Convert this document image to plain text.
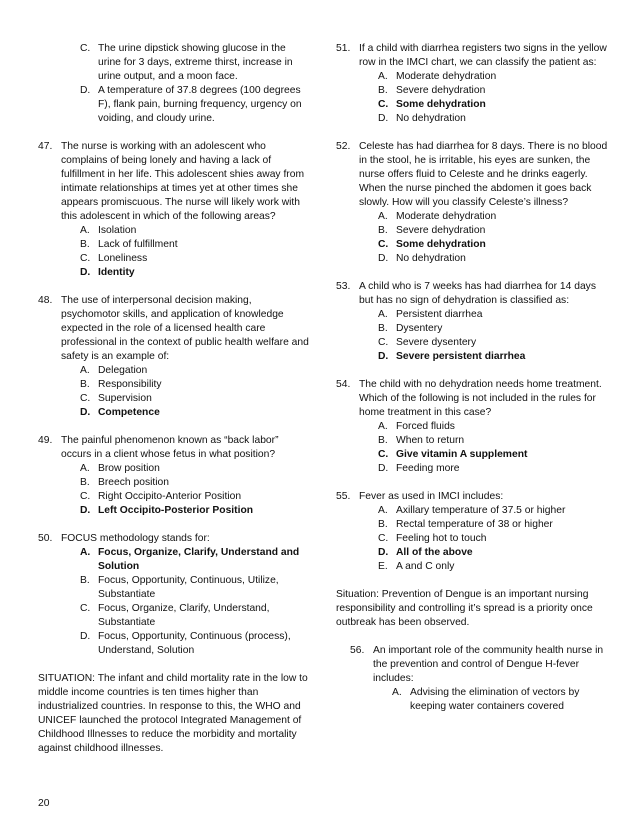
C. The urine dipstick showing glucose in the urine for 3 days, extreme thirst, increase in urine output, and a moon face.
D. A temperature of 37.8 degrees (100 degrees F), flank pain, burning frequency, urgency on voiding, and cloudy urine.
47. The nurse is working with an adolescent who complains of being lonely and having a lack of fulfillment in her life. This adolescent shies away from intimate relationships at times yet at other times she appears promiscuous. The nurse will likely work with this adolescent in which of the following areas?
A. Isolation
B. Lack of fulfillment
C. Loneliness
D. Identity
48. The use of interpersonal decision making, psychomotor skills, and application of knowledge expected in the role of a licensed health care professional in the context of public health welfare and safety is an example of:
A. Delegation
B. Responsibility
C. Supervision
D. Competence
49. The painful phenomenon known as “back labor” occurs in a client whose fetus in what position?
A. Brow position
B. Breech position
C. Right Occipito-Anterior Position
D. Left Occipito-Posterior Position
50. FOCUS methodology stands for:
A. Focus, Organize, Clarify, Understand and Solution
B. Focus, Opportunity, Continuous, Utilize, Substantiate
C. Focus, Organize, Clarify, Understand, Substantiate
D. Focus, Opportunity, Continuous (process), Understand, Solution
SITUATION: The infant and child mortality rate in the low to middle income countries is ten times higher than industrialized countries. In response to this, the WHO and UNICEF launched the protocol Integrated Management of Childhood Illnesses to reduce the morbidity and mortality against childhood illnesses.
51. If a child with diarrhea registers two signs in the yellow row in the IMCI chart, we can classify the patient as:
A. Moderate dehydration
B. Severe dehydration
C. Some dehydration
D. No dehydration
52. Celeste has had diarrhea for 8 days. There is no blood in the stool, he is irritable, his eyes are sunken, the nurse offers fluid to Celeste and he drinks eagerly. When the nurse pinched the abdomen it goes back slowly. How will you classify Celeste’s illness?
A. Moderate dehydration
B. Severe dehydration
C. Some dehydration
D. No dehydration
53. A child who is 7 weeks has had diarrhea for 14 days but has no sign of dehydration is classified as:
A. Persistent diarrhea
B. Dysentery
C. Severe dysentery
D. Severe persistent diarrhea
54. The child with no dehydration needs home treatment. Which of the following is not included in the rules for home treatment in this case?
A. Forced fluids
B. When to return
C. Give vitamin A supplement
D. Feeding more
55. Fever as used in IMCI includes:
A. Axillary temperature of 37.5 or higher
B. Rectal temperature of 38 or higher
C. Feeling hot to touch
D. All of the above
E. A and C only
Situation: Prevention of Dengue is an important nursing responsibility and controlling it’s spread is a priority once outbreak has been observed.
56. An important role of the community health nurse in the prevention and control of Dengue H-fever includes:
A. Advising the elimination of vectors by keeping water containers covered
20
